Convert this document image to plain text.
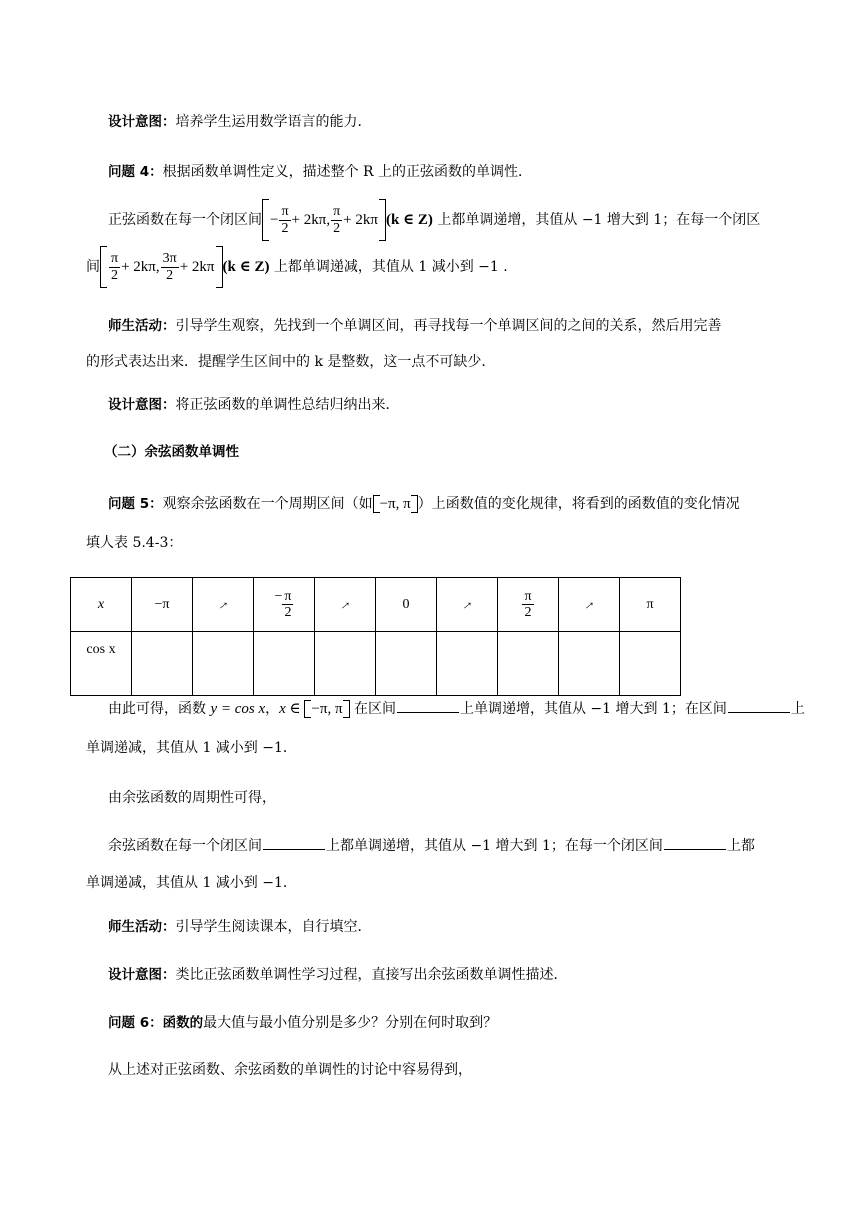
设计意图：培养学生运用数学语言的能力．
问题 4：根据函数单调性定义，描述整个 R 上的正弦函数的单调性．
正弦函数在每一个闭区间 − $\frac{\pi}{2} + 2k\pi$, $\frac{\pi}{2} + 2k\pi$ (k ∈ Z) 上都单调递增，其值从 −1 增大到 1；在每一个闭区
间 $\frac{\pi}{2} + 2k\pi$, $\frac{3\pi}{2} + 2k\pi$ (k ∈ Z) 上都单调递减，其值从 1 减小到 −1 .
师生活动：引导学生观察，先找到一个单调区间，再寻找每一个单调区间的之间的关系，然后用完善
的形式表达出来．提醒学生区间中的 k 是整数，这一点不可缺少．
设计意图：将正弦函数的单调性总结归纳出来．
（二）余弦函数单调性
问题 5：观察余弦函数在一个周期区间（如 −π, π ）上函数值的变化规律，将看到的函数值的变化情况
填人表 5.4-3：
x	−π	→	− $\frac{\pi}{2}$	→	0	→	$\frac{\pi}{2}$	→	π
cos x									
由此可得，函数 y = cos x，x ∈ −π, π 在区间	上单调递增，其值从 −1 增大到 1；在区间	上
单调递减，其值从 1 减小到 −1．
由余弦函数的周期性可得，
余弦函数在每一个闭区间	上都单调递增，其值从 −1 增大到 1；在每一个闭区间	上都
单调递减，其值从 1 减小到 −1．
师生活动：引导学生阅读课本，自行填空．
设计意图：类比正弦函数单调性学习过程，直接写出余弦函数单调性描述．
问题 6：函数的最大值与最小值分别是多少？分别在何时取到？
从上述对正弦函数、余弦函数的单调性的讨论中容易得到，
